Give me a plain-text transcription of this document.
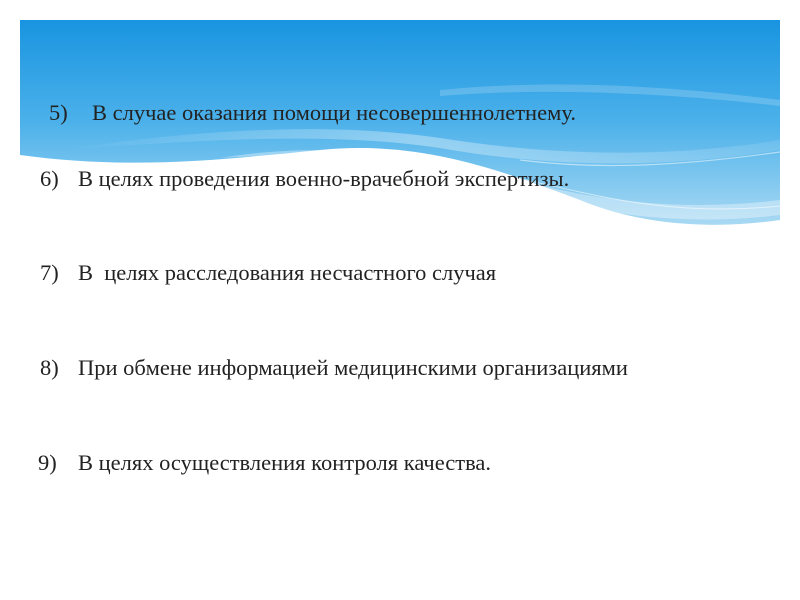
5) В случае оказания помощи несовершеннолетнему.
6) В целях проведения военно-врачебной экспертизы.
7) В  целях расследования несчастного случая
8) При обмене информацией медицинскими организациями
9) В целях осуществления контроля качества.
